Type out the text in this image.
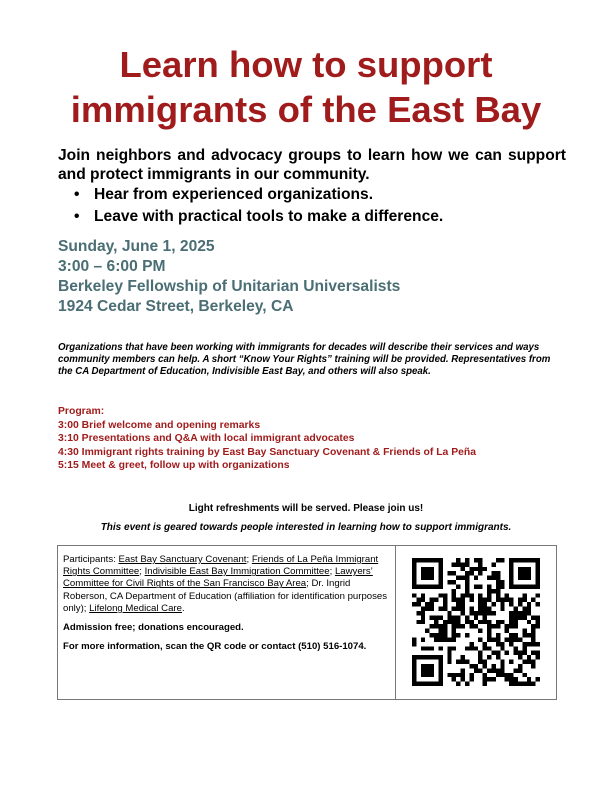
Learn how to support
immigrants of the East Bay

Join neighbors and advocacy groups to learn how we can support and protect immigrants in our community.

• Hear from experienced organizations.
• Leave with practical tools to make a difference.
Sunday, June 1, 2025
3:00 – 6:00 PM
Berkeley Fellowship of Unitarian Universalists
1924 Cedar Street, Berkeley, CA

Organizations that have been working with immigrants for decades will describe their services and ways community members can help. A short “Know Your Rights” training will be provided. Representatives from the CA Department of Education, Indivisible East Bay, and others will also speak.

Program:
3:00 Brief welcome and opening remarks
3:10 Presentations and Q&A with local immigrant advocates
4:30 Immigrant rights training by East Bay Sanctuary Covenant & Friends of La Peña
5:15 Meet & greet, follow up with organizations

Light refreshments will be served. Please join us!

This event is geared towards people interested in learning how to support immigrants.

Participants: East Bay Sanctuary Covenant; Friends of La Peña Immigrant Rights Committee; Indivisible East Bay Immigration Committee; Lawyers’ Committee for Civil Rights of the San Francisco Bay Area; Dr. Ingrid Roberson, CA Department of Education (affiliation for identification purposes only); Lifelong Medical Care.

Admission free; donations encouraged.

For more information, scan the QR code or contact (510) 516-1074.
